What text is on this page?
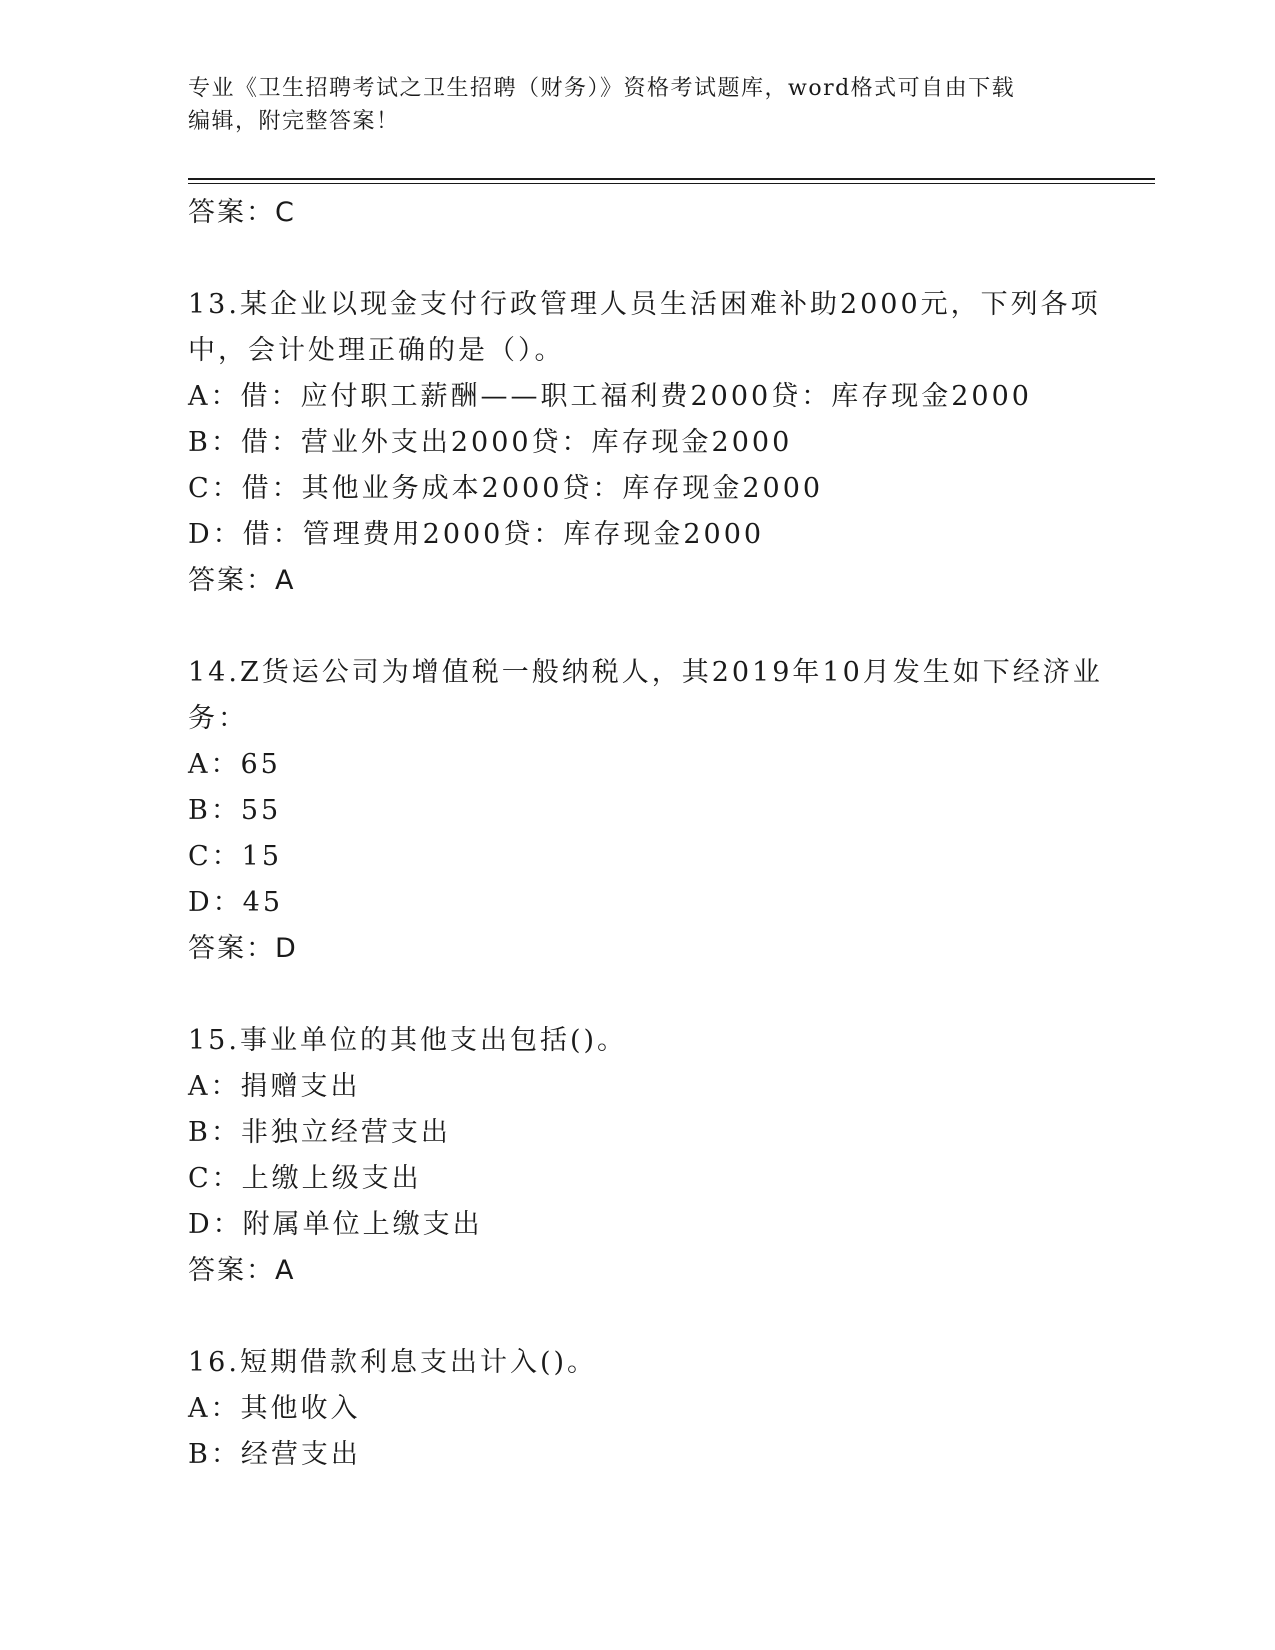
专业《卫生招聘考试之卫生招聘（财务）》资格考试题库，word格式可自由下载
编辑，附完整答案！
答案：C
13.某企业以现金支付行政管理人员生活困难补助2000元，下列各项
中，会计处理正确的是（）。
A：借：应付职工薪酬——职工福利费2000贷：库存现金2000
B：借：营业外支出2000贷：库存现金2000
C：借：其他业务成本2000贷：库存现金2000
D：借：管理费用2000贷：库存现金2000
答案：A
14.Z货运公司为增值税一般纳税人，其2019年10月发生如下经济业
务：
A：65
B：55
C：15
D：45
答案：D
15.事业单位的其他支出包括()。
A：捐赠支出
B：非独立经营支出
C：上缴上级支出
D：附属单位上缴支出
答案：A
16.短期借款利息支出计入()。
A：其他收入
B：经营支出
